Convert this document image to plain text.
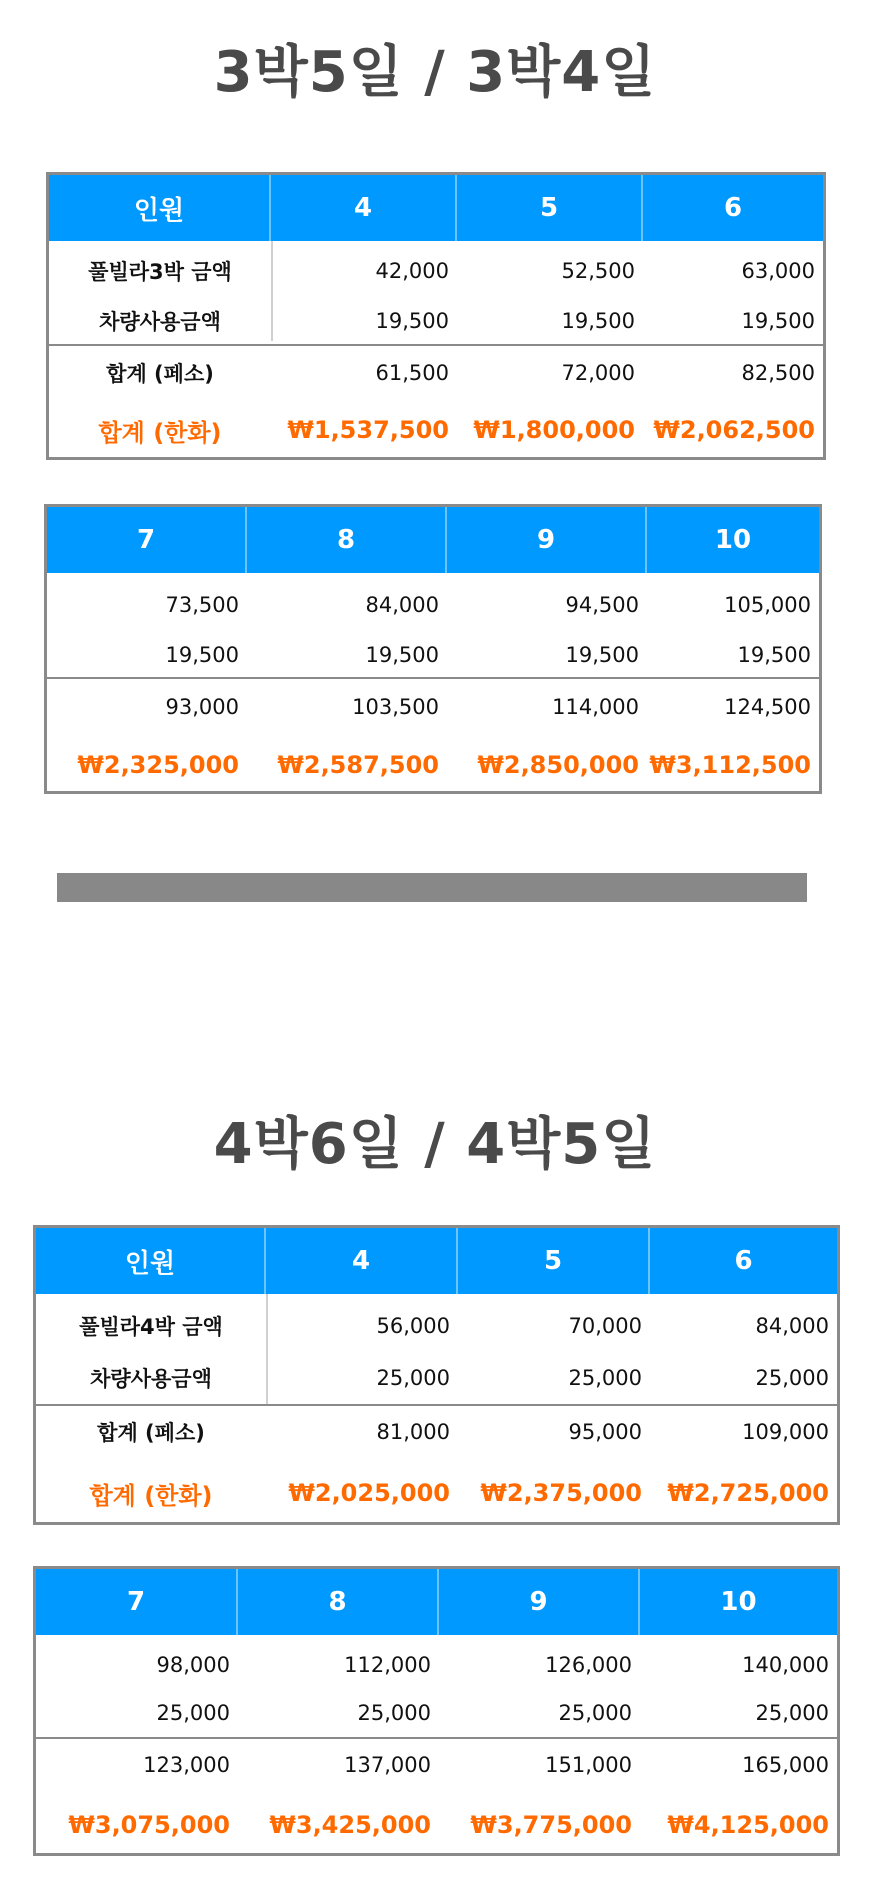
3박5일 / 3박4일
인원	4	5	6
풀빌라3박 금액	42,000	52,500	63,000
차량사용금액	19,500	19,500	19,500
합계 (페소)	61,500	72,000	82,500
합계 (한화)	₩1,537,500	₩1,800,000 ₩2,062,500
7	8	9	10
73,500	84,000	94,500	105,000
19,500	19,500	19,500	19,500
93,000	103,500	114,000	124,500
₩2,325,000	₩2,587,500	₩2,850,000 ₩3,112,500
4박6일 / 4박5일
인원	4	5	6
풀빌라4박 금액	56,000	70,000	84,000
차량사용금액	25,000	25,000	25,000
합계 (페소)	81,000	95,000	109,000
합계 (한화)	₩2,025,000	₩2,375,000	₩2,725,000
7	8	9	10
98,000	112,000	126,000	140,000
25,000	25,000	25,000	25,000
123,000	137,000	151,000	165,000
₩3,075,000	₩3,425,000	₩3,775,000	₩4,125,000
